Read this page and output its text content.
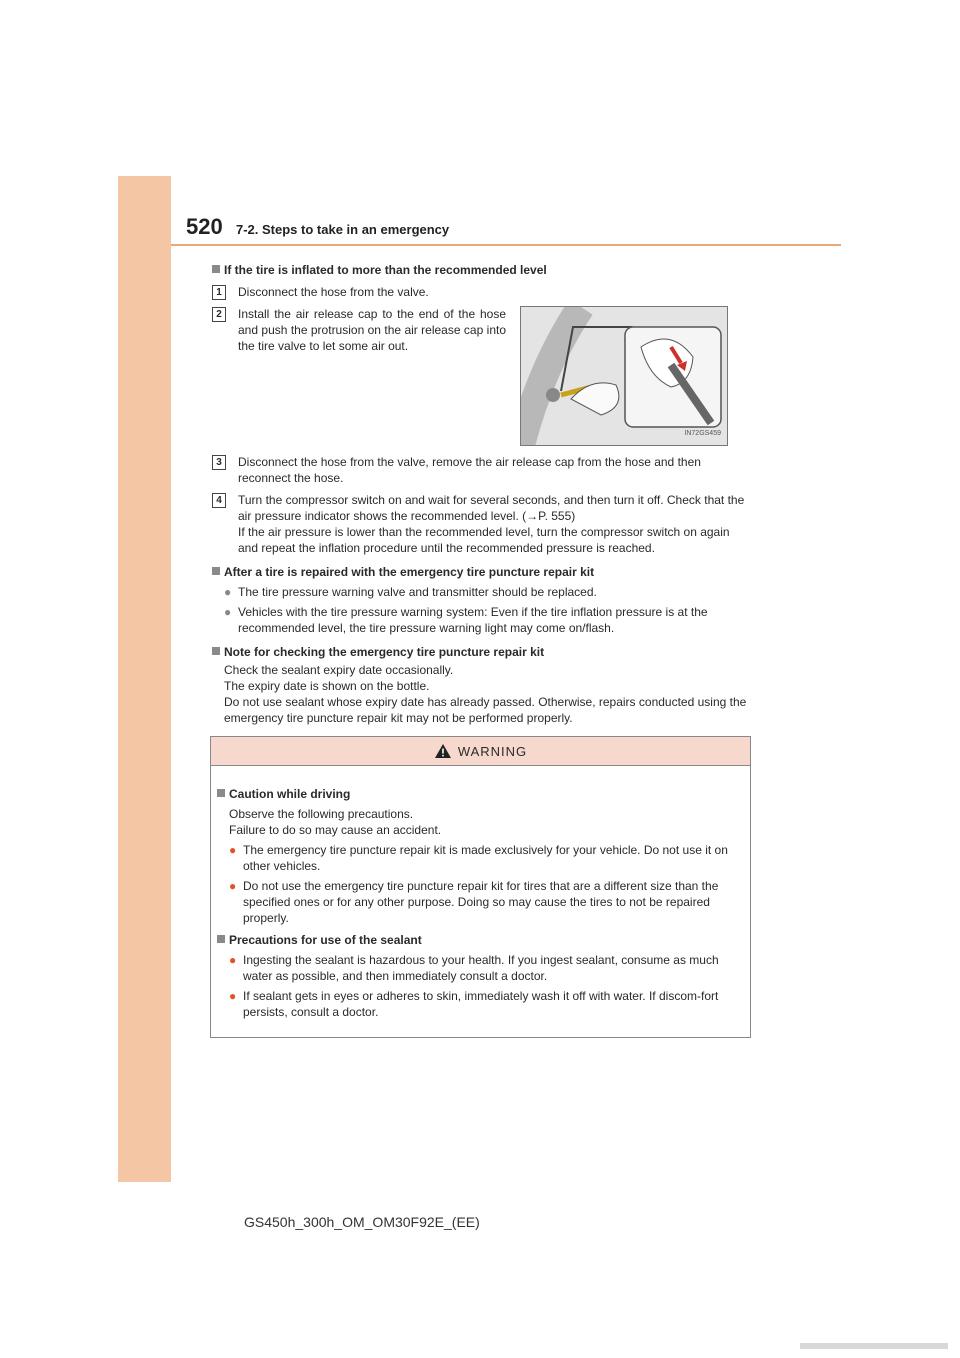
520 7-2. Steps to take in an emergency
If the tire is inflated to more than the recommended level
1	Disconnect the hose from the valve.
2	Install the air release cap to the end of the hose and push the protrusion on the air release cap into the tire valve to let some air out.
IN72GS459
3	Disconnect the hose from the valve, remove the air release cap from the hose and then reconnect the hose.
4	Turn the compressor switch on and wait for several seconds, and then turn it off. Check that the air pressure indicator shows the recommended level. (→P. 555)
If the air pressure is lower than the recommended level, turn the compressor switch on again and repeat the inflation procedure until the recommended pressure is reached.
After a tire is repaired with the emergency tire puncture repair kit
● The tire pressure warning valve and transmitter should be replaced.
● Vehicles with the tire pressure warning system: Even if the tire inflation pressure is at the recommended level, the tire pressure warning light may come on/flash.
Note for checking the emergency tire puncture repair kit
Check the sealant expiry date occasionally.
The expiry date is shown on the bottle.
Do not use sealant whose expiry date has already passed. Otherwise, repairs conducted using the emergency tire puncture repair kit may not be performed properly.
WARNING
Caution while driving
Observe the following precautions.
Failure to do so may cause an accident.
● The emergency tire puncture repair kit is made exclusively for your vehicle. Do not use it on other vehicles.
● Do not use the emergency tire puncture repair kit for tires that are a different size than the specified ones or for any other purpose. Doing so may cause the tires to not be repaired properly.
Precautions for use of the sealant
● Ingesting the sealant is hazardous to your health. If you ingest sealant, consume as much water as possible, and then immediately consult a doctor.
● If sealant gets in eyes or adheres to skin, immediately wash it off with water. If discom-fort persists, consult a doctor.
GS450h_300h_OM_OM30F92E_(EE)
